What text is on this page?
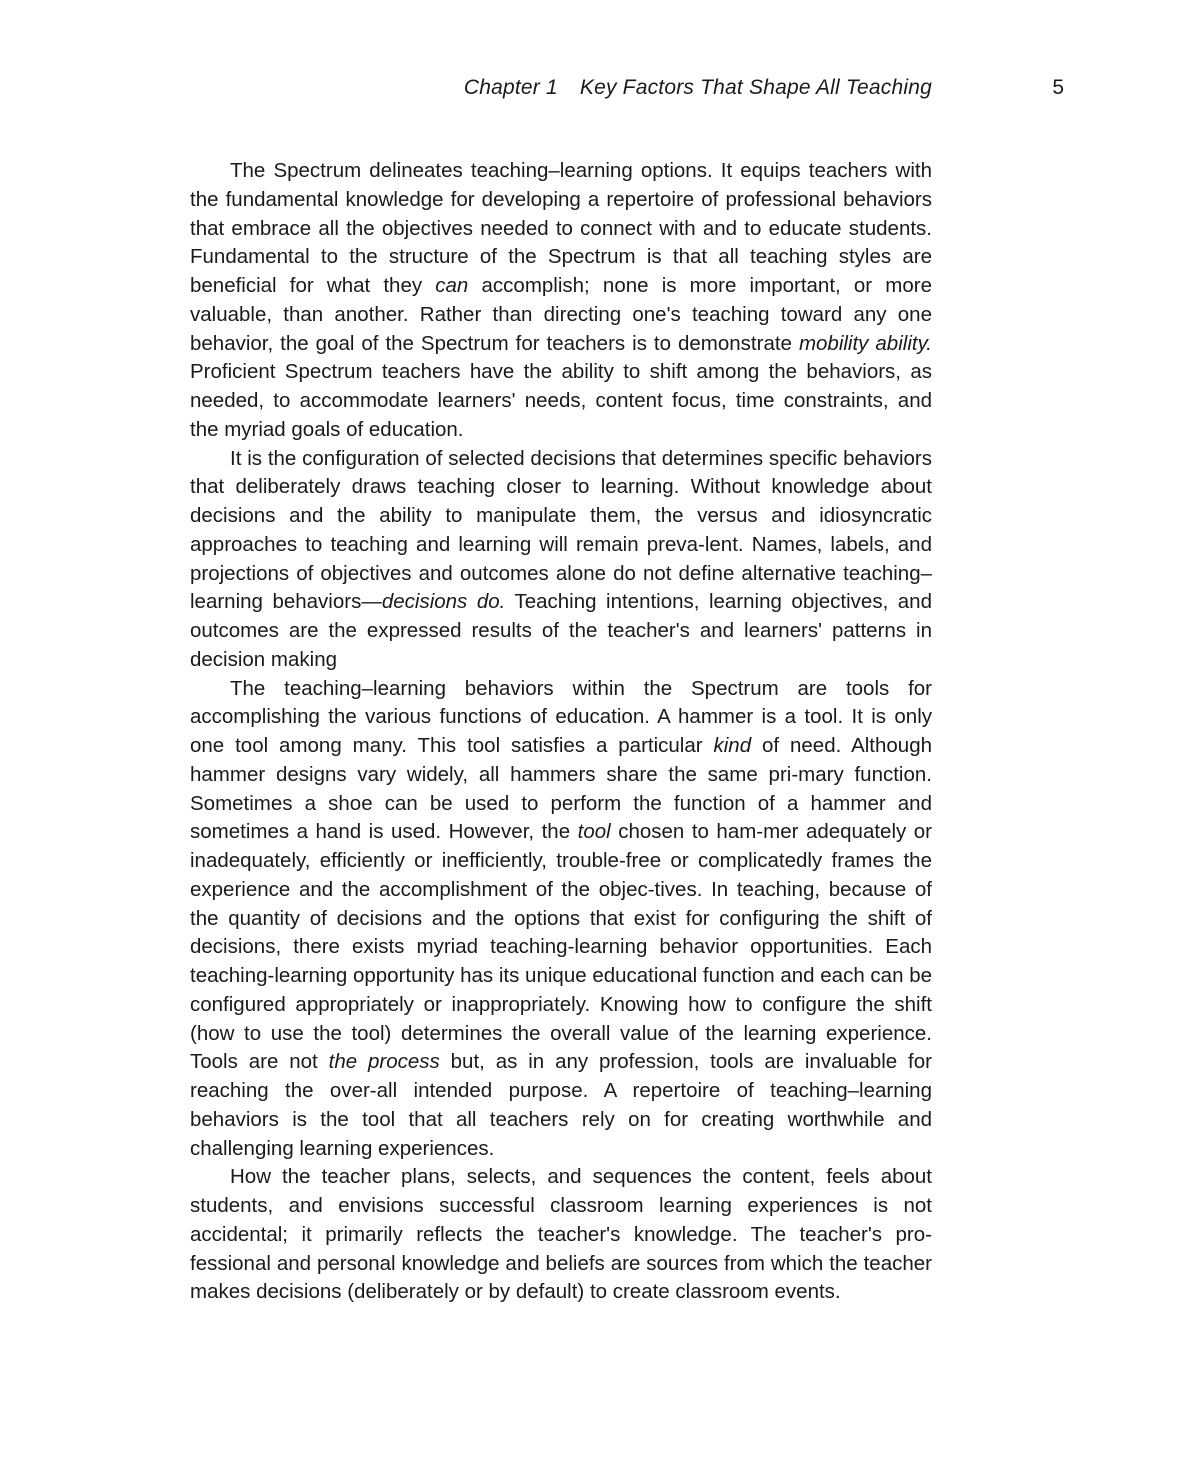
Chapter 1 Key Factors That Shape All Teaching	5

The Spectrum delineates teaching–learning options. It equips teachers with the fundamental knowledge for developing a repertoire of professional behaviors that embrace all the objectives needed to connect with and to educate students. Fundamental to the structure of the Spectrum is that all teaching styles are beneficial for what they can accomplish; none is more important, or more valuable, than another. Rather than directing one's teaching toward any one behavior, the goal of the Spectrum for teachers is to demonstrate mobility ability. Proficient Spectrum teachers have the ability to shift among the behaviors, as needed, to accommodate learners' needs, content focus, time constraints, and the myriad goals of education.

It is the configuration of selected decisions that determines specific behaviors that deliberately draws teaching closer to learning. Without knowledge about decisions and the ability to manipulate them, the versus and idiosyncratic approaches to teaching and learning will remain preva-lent. Names, labels, and projections of objectives and outcomes alone do not define alternative teaching–learning behaviors—decisions do. Teaching intentions, learning objectives, and outcomes are the expressed results of the teacher's and learners' patterns in decision making

The teaching–learning behaviors within the Spectrum are tools for accomplishing the various functions of education. A hammer is a tool. It is only one tool among many. This tool satisfies a particular kind of need. Although hammer designs vary widely, all hammers share the same pri-mary function. Sometimes a shoe can be used to perform the function of a hammer and sometimes a hand is used. However, the tool chosen to ham-mer adequately or inadequately, efficiently or inefficiently, trouble-free or complicatedly frames the experience and the accomplishment of the objec-tives. In teaching, because of the quantity of decisions and the options that exist for configuring the shift of decisions, there exists myriad teaching-learning behavior opportunities. Each teaching-learning opportunity has its unique educational function and each can be configured appropriately or inappropriately. Knowing how to configure the shift (how to use the tool) determines the overall value of the learning experience. Tools are not the process but, as in any profession, tools are invaluable for reaching the over-all intended purpose. A repertoire of teaching–learning behaviors is the tool that all teachers rely on for creating worthwhile and challenging learning experiences.

How the teacher plans, selects, and sequences the content, feels about students, and envisions successful classroom learning experiences is not accidental; it primarily reflects the teacher's knowledge. The teacher's pro-fessional and personal knowledge and beliefs are sources from which the teacher makes decisions (deliberately or by default) to create classroom events.
